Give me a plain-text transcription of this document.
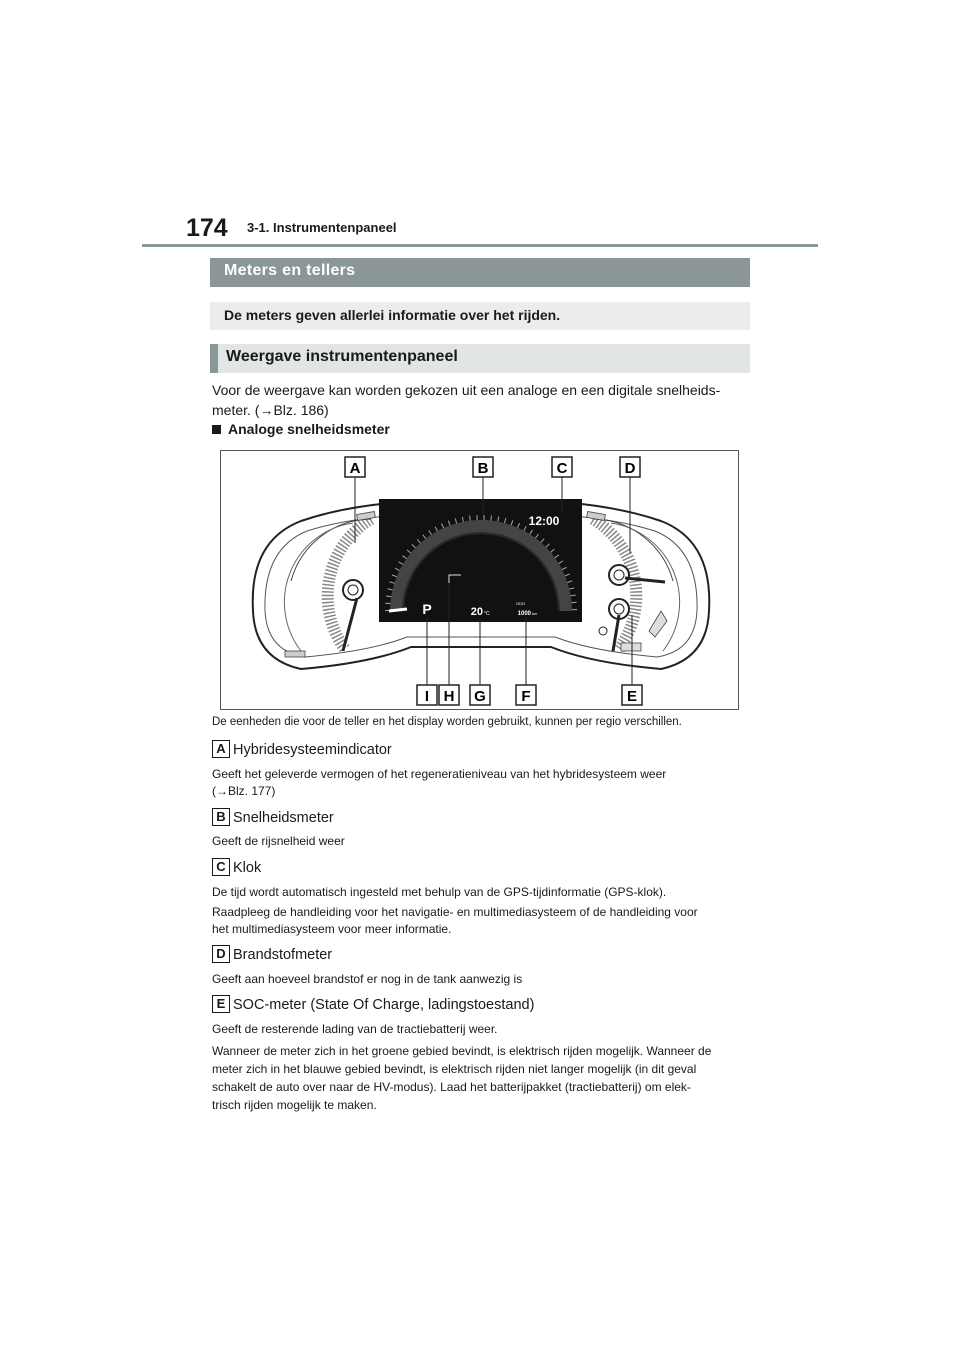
174 3-1. Instrumentenpaneel
Meters en tellers
De meters geven allerlei informatie over het rijden.
Weergave instrumentenpaneel
Voor de weergave kan worden gekozen uit een analoge en een digitale snelheids-
meter. (→Blz. 186)
Analoge snelheidsmeter
12:00
P	20 °C
ODO
1000 km
A	B	C	D
I H G F	E
De eenheden die voor de teller en het display worden gebruikt, kunnen per regio verschillen.
A Hybridesysteemindicator
Geeft het geleverde vermogen of het regeneratieniveau van het hybridesysteem weer
(→Blz. 177)
B Snelheidsmeter
Geeft de rijsnelheid weer
C Klok
De tijd wordt automatisch ingesteld met behulp van de GPS-tijdinformatie (GPS-klok).
Raadpleeg de handleiding voor het navigatie- en multimediasysteem of de handleiding voor
het multimediasysteem voor meer informatie.
D Brandstofmeter
Geeft aan hoeveel brandstof er nog in de tank aanwezig is
E SOC-meter (State Of Charge, ladingstoestand)
Geeft de resterende lading van de tractiebatterij weer.
Wanneer de meter zich in het groene gebied bevindt, is elektrisch rijden mogelijk. Wanneer de
meter zich in het blauwe gebied bevindt, is elektrisch rijden niet langer mogelijk (in dit geval
schakelt de auto over naar de HV-modus). Laad het batterijpakket (tractiebatterij) om elek-
trisch rijden mogelijk te maken.
